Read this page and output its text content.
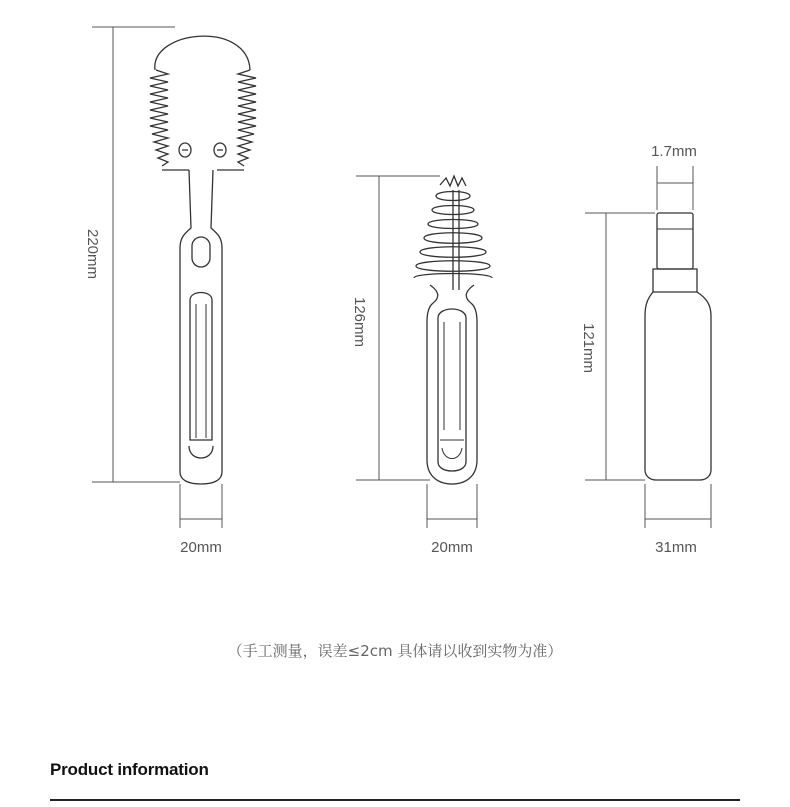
220mm
20mm
126mm
20mm
1.7mm
121mm
31mm
（手工测量，误差≤2cm 具体请以收到实物为准）
Product information
